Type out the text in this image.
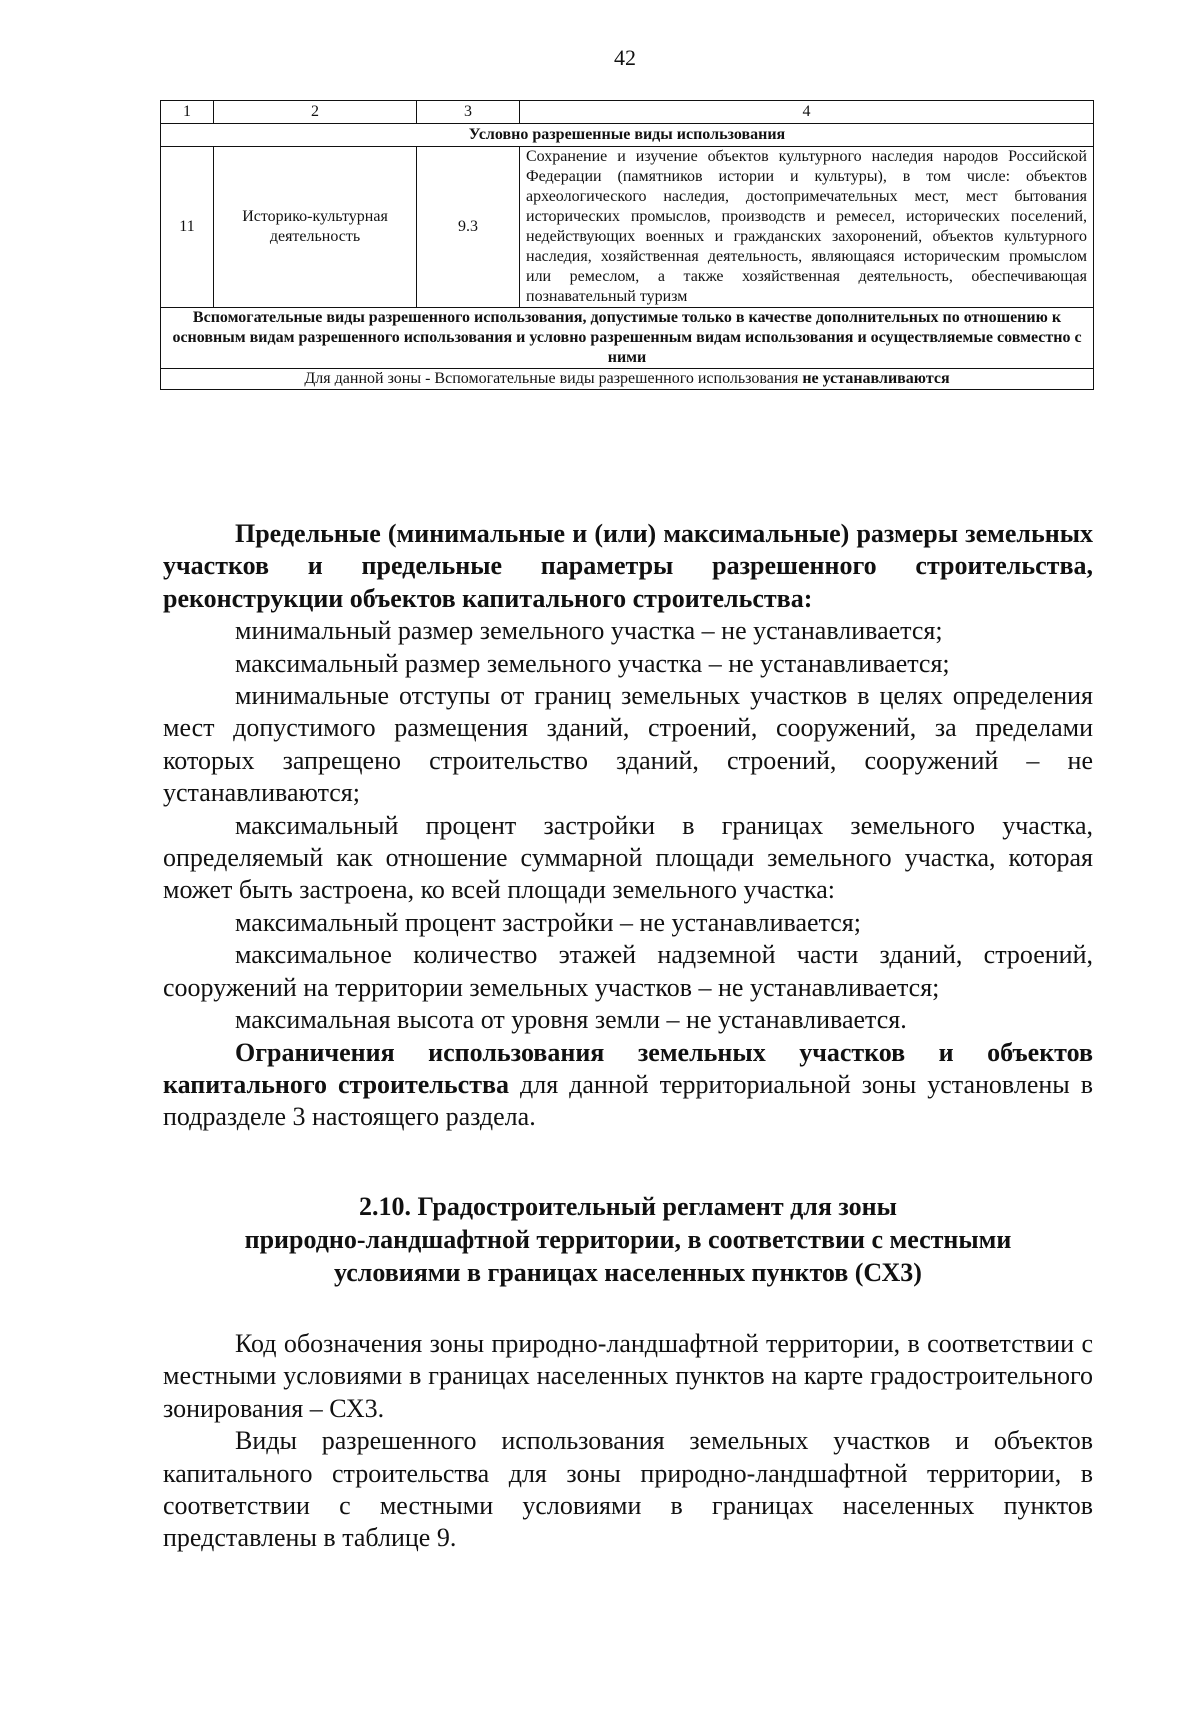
42
1	2	3	4
Условно разрешенные виды использования			
11	Историко-культурная деятельность	9.3	Сохранение и изучение объектов культурного наследия народов Российской Федерации (памятников истории и культуры), в том числе: объектов археологического наследия, достопримечательных мест, мест бытования исторических промыслов, производств и ремесел, исторических поселений, недействующих военных и гражданских захоронений, объектов культурного наследия, хозяйственная деятельность, являющаяся историческим промыслом или ремеслом, а также хозяйственная деятельность, обеспечивающая познавательный туризм
Вспомогательные виды разрешенного использования, допустимые только в качестве дополнительных по отношению к основным видам разрешенного использования и условно разрешенным видам использования и осуществляемые совместно с ними			
Для данной зоны - Вспомогательные виды разрешенного использования не устанавливаются			

Предельные (минимальные и (или) максимальные) размеры земельных участков и предельные параметры разрешенного строительства, реконструкции объектов капитального строительства:

минимальный размер земельного участка – не устанавливается;

максимальный размер земельного участка – не устанавливается;

минимальные отступы от границ земельных участков в целях определения мест допустимого размещения зданий, строений, сооружений, за пределами которых запрещено строительство зданий, строений, сооружений – не устанавливаются;

максимальный процент застройки в границах земельного участка, определяемый как отношение суммарной площади земельного участка, которая может быть застроена, ко всей площади земельного участка:

максимальный процент застройки – не устанавливается;

максимальное количество этажей надземной части зданий, строений, сооружений на территории земельных участков – не устанавливается;

максимальная высота от уровня земли – не устанавливается.

Ограничения использования земельных участков и объектов капитального строительства для данной территориальной зоны установлены в подразделе 3 настоящего раздела.

2.10. Градостроительный регламент для зоны
природно-ландшафтной территории, в соответствии с местными
условиями в границах населенных пунктов (СХ3)

Код обозначения зоны природно-ландшафтной территории, в соответствии с местными условиями в границах населенных пунктов на карте градостроительного зонирования – СХ3.

Виды разрешенного использования земельных участков и объектов капитального строительства для зоны природно-ландшафтной территории, в соответствии с местными условиями в границах населенных пунктов представлены в таблице 9.
